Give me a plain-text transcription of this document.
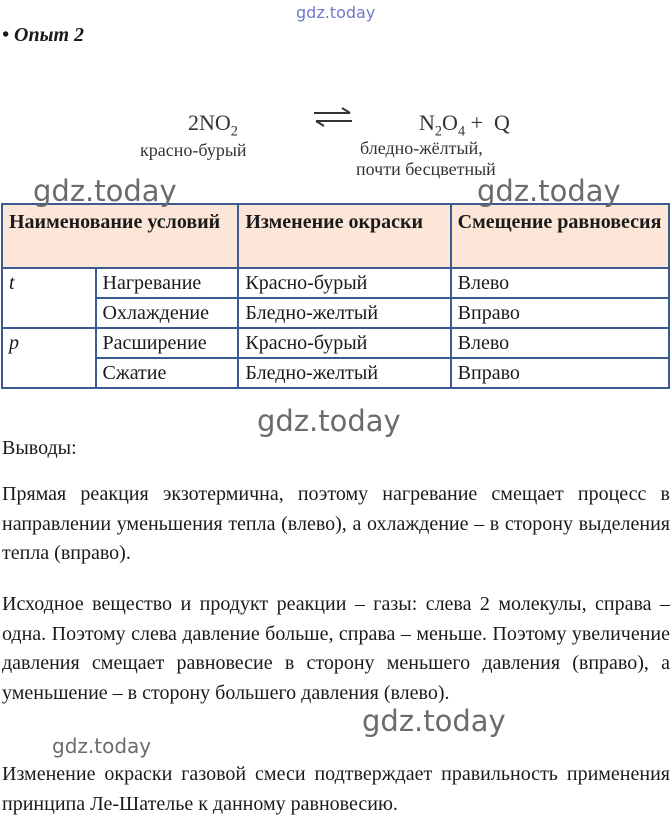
gdz.today
• Опыт 2
$2NO_2$	$N_2O_4 + Q$
красно-бурый	бледно-жёлтый,
почти бесцветный
Наименование условий		Изменение окраски	Смещение равновесия
t	Нагревание	Красно-бурый	Влево
	Охлаждение	Бледно-желтый	Вправо
p	Расширение	Красно-бурый	Влево
	Сжатие	Бледно-желтый	Вправо
gdz.today	gdz.today
gdz.today
Выводы:
Прямая реакция экзотермична, поэтому нагревание смещает процесс в направлении уменьшения тепла (влево), а охлаждение – в сторону выделения тепла (вправо).
Исходное вещество и продукт реакции – газы: слева 2 молекулы, справа – одна. Поэтому слева давление больше, справа – меньше. Поэтому увеличение давления смещает равновесие в сторону меньшего давления (вправо), а уменьшение – в сторону большего давления (влево).
Изменение окраски газовой смеси подтверждает правильность применения принципа Ле-Шателье к данному равновесию.
gdz.today
gdz.today
